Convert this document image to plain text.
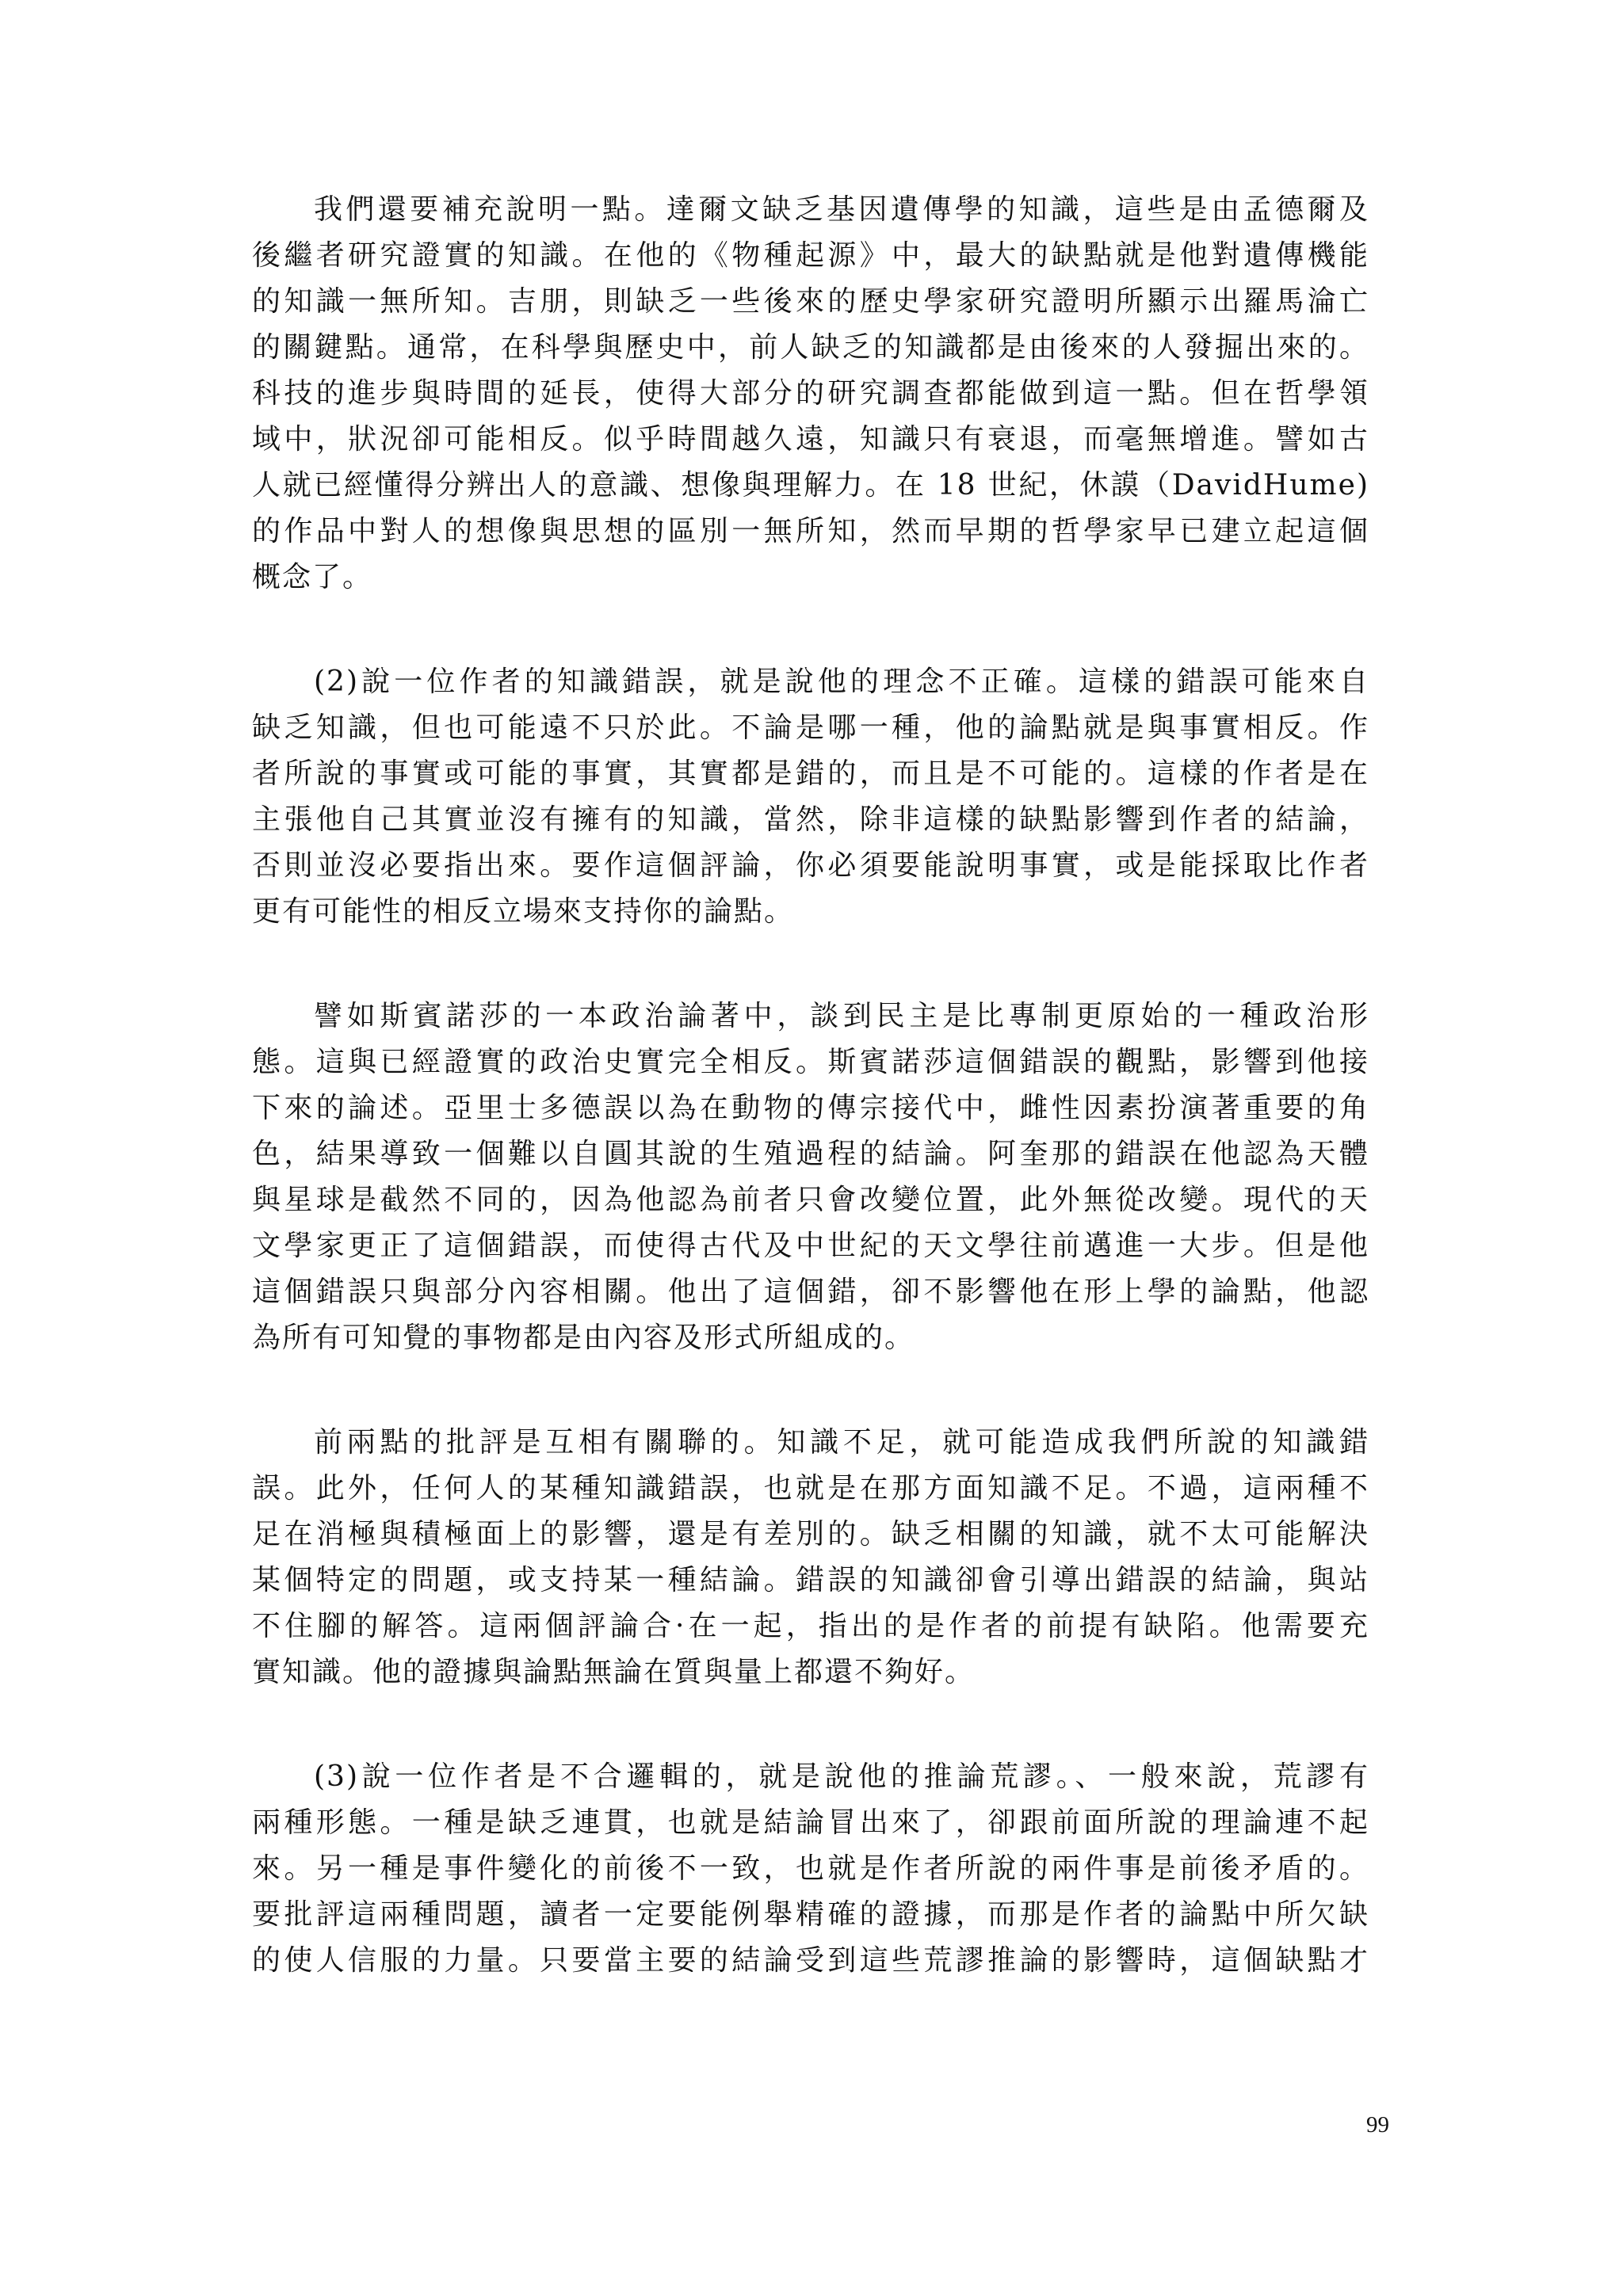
我們還要補充說明一點。達爾文缺乏基因遺傳學的知識，這些是由孟德爾及
後繼者研究證實的知識。在他的《物種起源》中，最大的缺點就是他對遺傳機能
的知識一無所知。吉朋，則缺乏一些後來的歷史學家研究證明所顯示出羅馬淪亡
的關鍵點。通常，在科學與歷史中，前人缺乏的知識都是由後來的人發掘出來的。
科技的進步與時間的延長，使得大部分的研究調查都能做到這一點。但在哲學領
域中，狀況卻可能相反。似乎時間越久遠，知識只有衰退，而毫無增進。譬如古
人就已經懂得分辨出人的意識、想像與理解力。在 18 世紀，休謨（DavidHume)
的作品中對人的想像與思想的區別一無所知，然而早期的哲學家早已建立起這個
概念了。
(2)說一位作者的知識錯誤，就是說他的理念不正確。這樣的錯誤可能來自
缺乏知識，但也可能遠不只於此。不論是哪一種，他的論點就是與事實相反。作
者所說的事實或可能的事實，其實都是錯的，而且是不可能的。這樣的作者是在
主張他自己其實並沒有擁有的知識，當然，除非這樣的缺點影響到作者的結論，
否則並沒必要指出來。要作這個評論，你必須要能說明事實，或是能採取比作者
更有可能性的相反立場來支持你的論點。
譬如斯賓諾莎的一本政治論著中，談到民主是比專制更原始的一種政治形
態。這與已經證實的政治史實完全相反。斯賓諾莎這個錯誤的觀點，影響到他接
下來的論述。亞里士多德誤以為在動物的傳宗接代中，雌性因素扮演著重要的角
色，結果導致一個難以自圓其說的生殖過程的結論。阿奎那的錯誤在他認為天體
與星球是截然不同的，因為他認為前者只會改變位置，此外無從改變。現代的天
文學家更正了這個錯誤，而使得古代及中世紀的天文學往前邁進一大步。但是他
這個錯誤只與部分內容相關。他出了這個錯，卻不影響他在形上學的論點，他認
為所有可知覺的事物都是由內容及形式所組成的。
前兩點的批評是互相有關聯的。知識不足，就可能造成我們所說的知識錯
誤。此外，任何人的某種知識錯誤，也就是在那方面知識不足。不過，這兩種不
足在消極與積極面上的影響，還是有差別的。缺乏相關的知識，就不太可能解決
某個特定的問題，或支持某一種結論。錯誤的知識卻會引導出錯誤的結論，與站
不住腳的解答。這兩個評論合·在一起，指出的是作者的前提有缺陷。他需要充
實知識。他的證據與論點無論在質與量上都還不夠好。
(3)說一位作者是不合邏輯的，就是說他的推論荒謬。、一般來說，荒謬有
兩種形態。一種是缺乏連貫，也就是結論冒出來了，卻跟前面所說的理論連不起
來。另一種是事件變化的前後不一致，也就是作者所說的兩件事是前後矛盾的。
要批評這兩種問題，讀者一定要能例舉精確的證據，而那是作者的論點中所欠缺
的使人信服的力量。只要當主要的結論受到這些荒謬推論的影響時，這個缺點才
99
